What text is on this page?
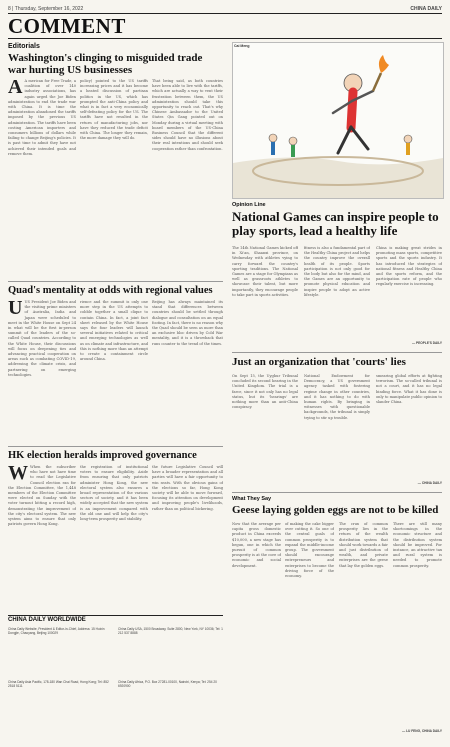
8 | Thursday, September 16, 2022	CHINA DAILY
COMMENT
Editorials
Washington's clinging to misguided trade war hurting US businesses
A A merican for Free Trade, a coalition of over 140 industry associations, has again urged the Joe Biden administration to end the trade war with China. It is time the administration abandoned the tariffs imposed by the previous US administration. The tariffs have been costing American importers and consumers billions of dollars while failing to change Beijing's policies. It is past time to admit they have not achieved their intended goals and remove them.
policy) pointed to the US tariffs increasing prices and it has become a heated discussion of partisan politics in the US, which has prompted the anti-China policy and what is in fact a very economically self-defeating policy for the US. The tariffs have not resulted in the return of manufacturing jobs, nor have they reduced the trade deficit with China. The longer they remain, the more damage they will do.
That being said, as both countries have been able to live with the tariffs, which are actually a way to vent their frustration between them, the US administration should take this opportunity to reach out. That's why Chinese Ambassador to the United States Qin Gang pointed out on Monday during a virtual meeting with board members of the US-China Business Council that the different sides should have no illusions about their real intentions and should seek cooperation rather than confrontation.
Quad's mentality at odds with regional values
UUS President Joe Biden and the visiting prime ministers of Australia, India and Japan were scheduled to meet in the White House on Sept 24 in what will be the first in-person summit of the leaders of the so-called Quad countries. According to the White House, their discussions will focus on deepening ties and advancing practical cooperation on areas such as combating COVID-19, addressing the climate crisis, and partnering on emerging technologies.
rience and the summit is only one more step in the US attempts to cobble together a small clique to contain China. In fact, a joint fact sheet released by the White House says the four leaders will launch several initiatives related to critical and emerging technologies as well as on climate and infrastructure, and this is nothing more than an attempt to create a containment circle around China.
Beijing has always maintained its stand that differences between countries should be settled through dialogue and consultation on an equal footing. In fact, there is no reason why the Quad should be seen as more than an exclusive bloc driven by Cold War mentality, and it is a throwback that runs counter to the trend of the times.
HK election heralds improved governance
W When the subscriber who have not have time to read the Legislative Council election ran for the Election Committee, the 1,448 members of the Election Committee were elected on Sunday with the voter turnout hitting a record high, demonstrating the improvement of the city's electoral system. The new system aims to ensure that only patriots govern Hong Kong.
the registration of institutional voters to ensure eligibility. Aside from ensuring that only patriots administer Hong Kong, the new electoral system also ensures a broad representation of the various sectors of society, and it has been widely accepted that the new system is an improvement compared with the old one and will help the city's long-term prosperity and stability.
the future Legislative Council will have a broader representation and all parties will have a fair opportunity to win seats. With the obvious gains of the elections so far, Hong Kong society will be able to move forward, focusing its attention on development and improving people's livelihoods, rather than on political bickering.
CHINA DAILY WORLDWIDE
China Daily Website, President & Editor-in-Chief, Address: 15 Huixin Dongjie, Chaoyang, Beijing 100029
China Daily USA, 1500 Broadway, Suite 2800, New York, NY 10036; Tel: 1 212 537 8888
China Daily Asia Pacific, 178-180 Wan Chai Road, Hong Kong; Tel: 852 2518 5111
China Daily Africa, P.O. Box 27281-00100, Nairobi, Kenya; Tel: 254 20 6920900
Cai Meng
Opinion Line
National Games can inspire people to play sports, lead a healthy life
The 14th National Games kicked off in Xi'an, Shaanxi province, on Wednesday with athletes vying to carry forward the country's sporting traditions. The National Games are a stage for Olympians as well as grassroots athletes to showcase their talent, but more importantly, they encourage people to take part in sports activities.
fitness is also a fundamental part of the Healthy China project and helps the country improve the overall health of its people. Sports participation is not only good for the body but also for the mind, and the Games are an opportunity to promote physical education and inspire people to adopt an active lifestyle.
China is making great strides in promoting mass sports, competitive sports and the sports industry. It has introduced the strategies of national fitness and Healthy China and the sports reform, and the participation rate of people who regularly exercise is increasing.
— PEOPLE'S DAILY
Just an organization that 'courts' lies
On Sept 15, the Uyghur Tribunal concluded its second hearing in the United Kingdom. The trial is a farce, since it not only has no legal status, but its 'hearings' are nothing more than an anti-China conspiracy.
National Endowment for Democracy, a US government agency tasked with fostering regime change in other countries, and it has nothing to do with human rights. By bringing in witnesses with questionable backgrounds, the tribunal is simply trying to stir up trouble.
smearing global efforts at fighting terrorism. The so-called tribunal is not a court, and it has no legal binding force. What it has done is only to manipulate public opinion to slander China.
— CHINA DAILY
What They Say
Geese laying golden eggs are not to be killed
Now that the average per capita gross domestic product in China exceeds $10,000, a new stage has begun, one in which the pursuit of common prosperity is at the core of economic and social development.
of making the cake bigger over cutting it. So one of the central goals of common prosperity is to expand the middle-income group. The government should encourage entrepreneurs and enterprises to become the driving force of the economy.
The crux of common prosperity lies in the return of the wealth distribution system that should work towards a fair and just distribution of wealth, and private enterprises are the geese that lay the golden eggs.
There are still many shortcomings in the economic structure and the distribution system should be improved. For instance, an attractive tax and rural system is needed to promote common prosperity.
— LU FENG, CHINA DAILY
